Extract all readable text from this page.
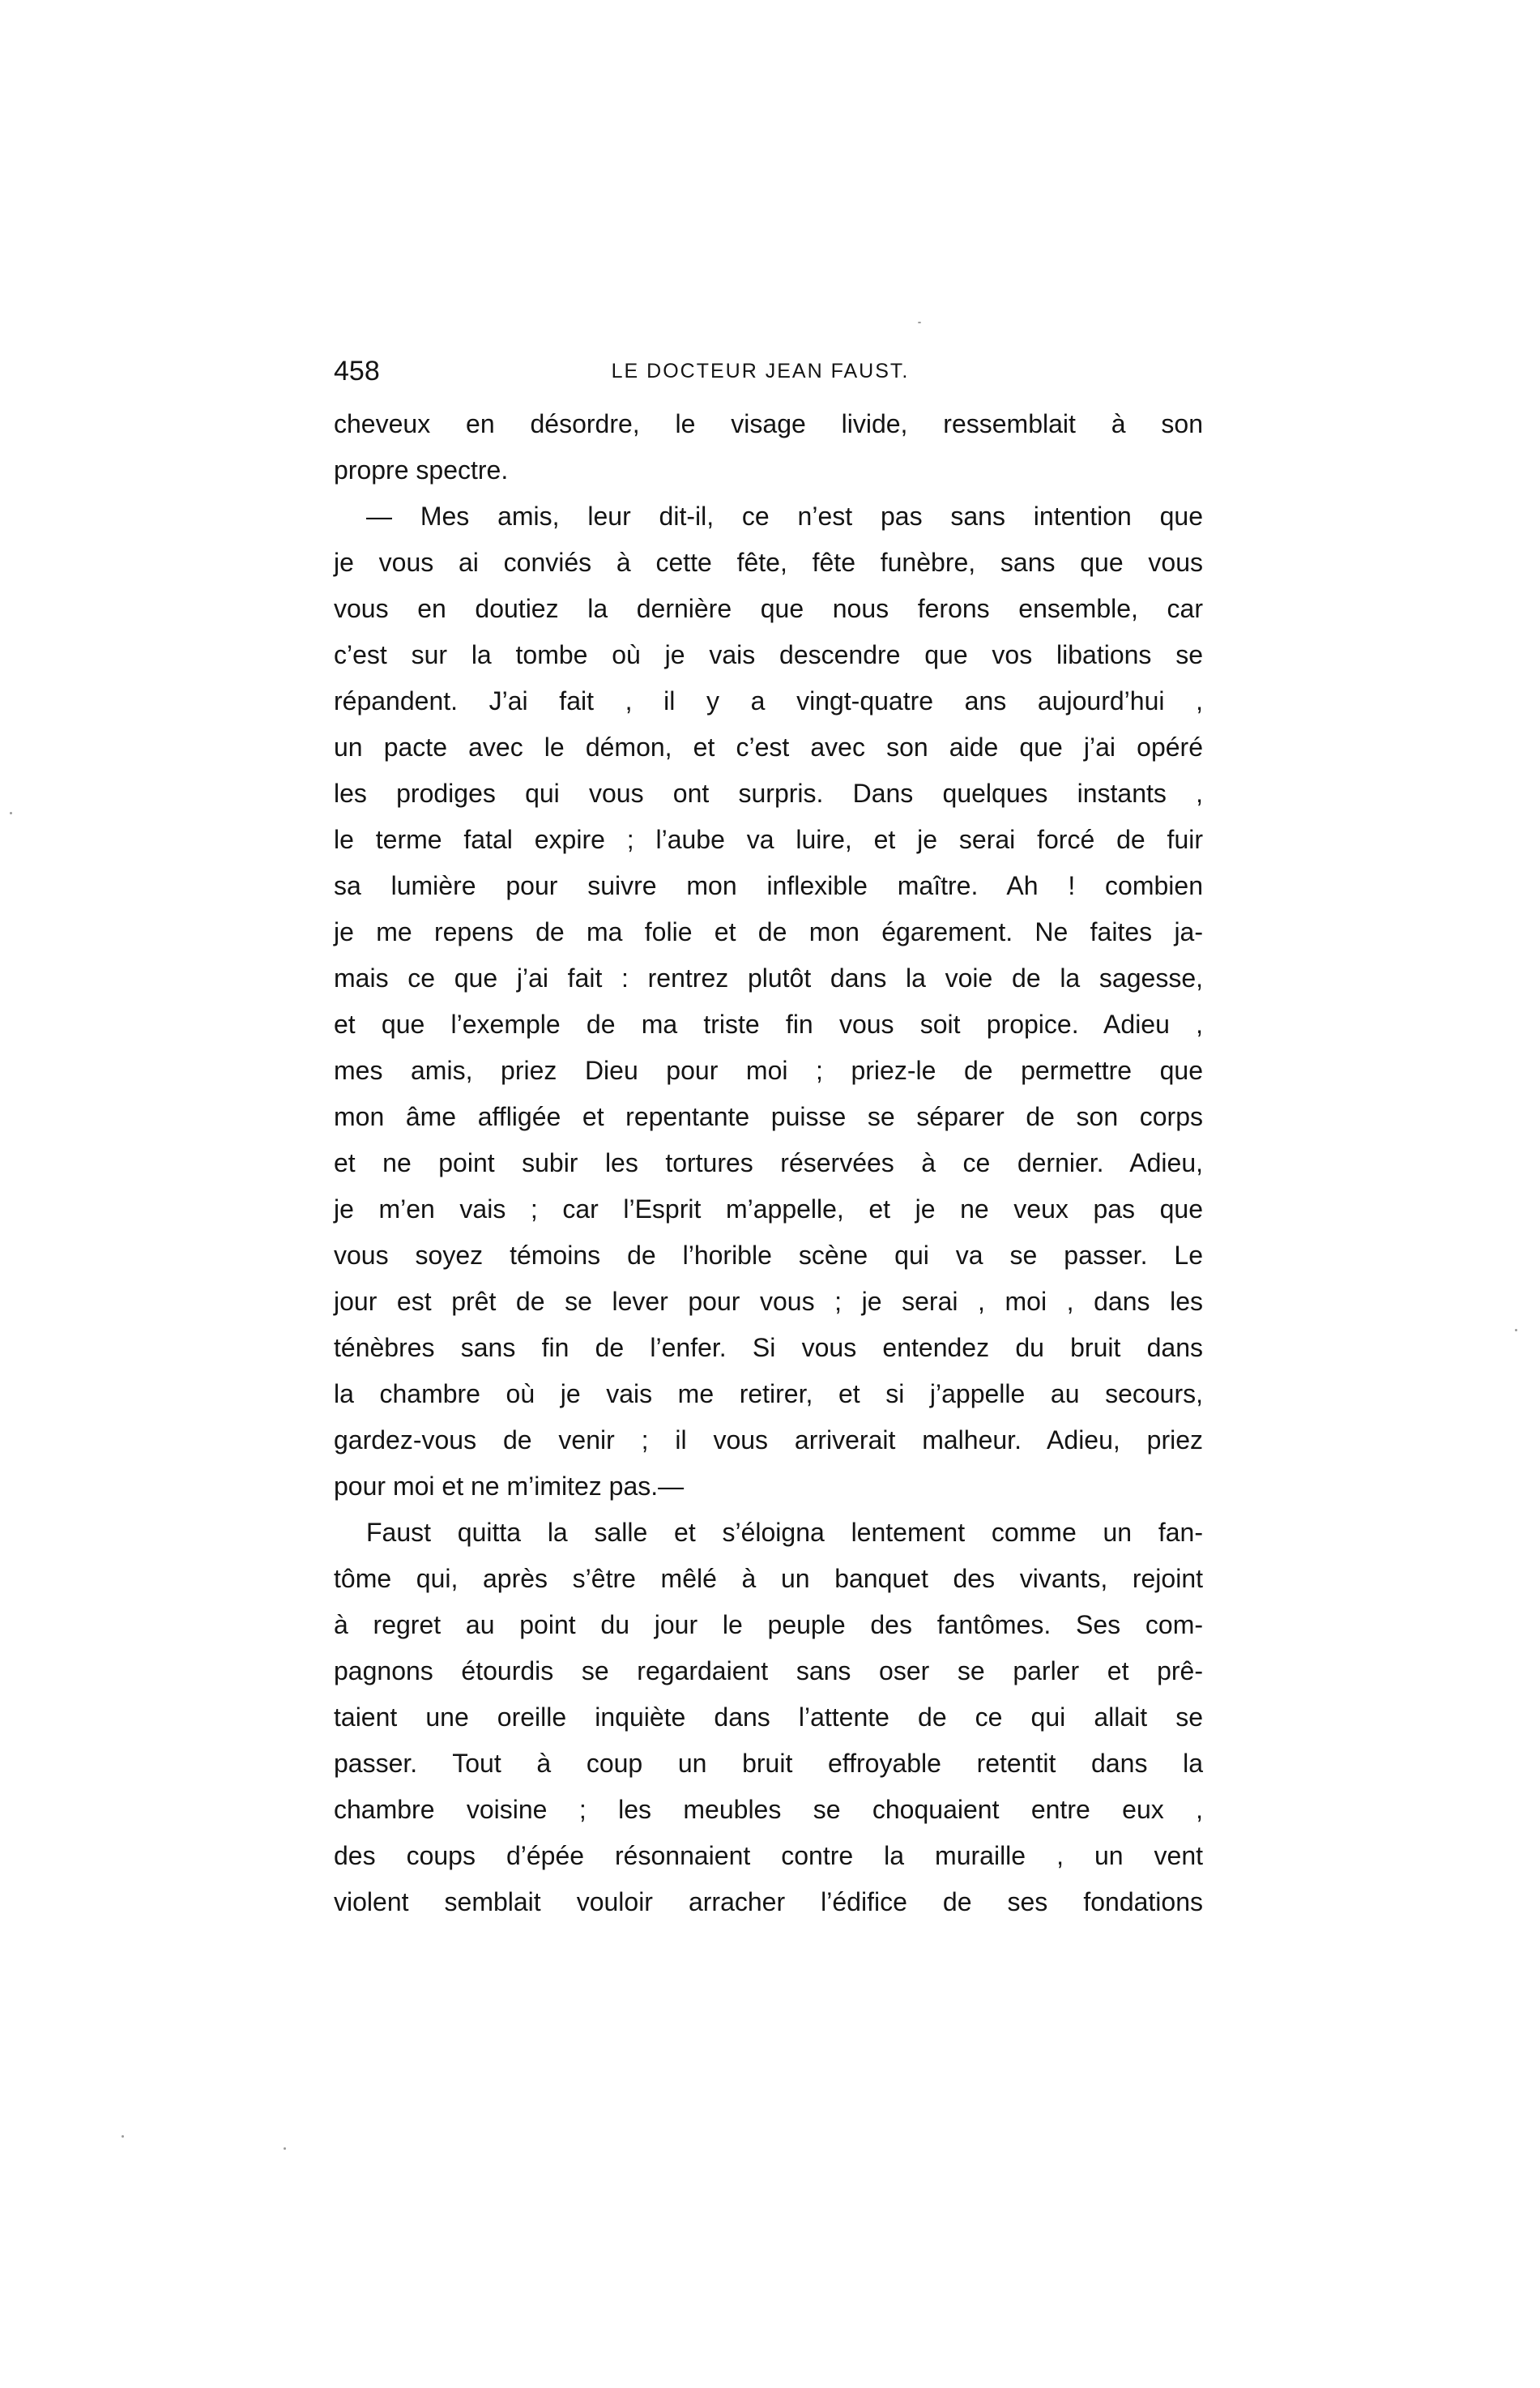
458	LE DOCTEUR JEAN FAUST.
cheveux en désordre, le visage livide, ressemblait à son
propre spectre.
— Mes amis, leur dit-il, ce n’est pas sans intention que
je vous ai conviés à cette fête, fête funèbre, sans que vous
vous en doutiez la dernière que nous ferons ensemble, car
c’est sur la tombe où je vais descendre que vos libations se
répandent. J’ai fait , il y a vingt-quatre ans aujourd’hui ,
un pacte avec le démon, et c’est avec son aide que j’ai opéré
les prodiges qui vous ont surpris. Dans quelques instants ,
le terme fatal expire ; l’aube va luire, et je serai forcé de fuir
sa lumière pour suivre mon inflexible maître. Ah ! combien
je me repens de ma folie et de mon égarement. Ne faites ja-
mais ce que j’ai fait : rentrez plutôt dans la voie de la sagesse,
et que l’exemple de ma triste fin vous soit propice. Adieu ,
mes amis, priez Dieu pour moi ; priez-le de permettre que
mon âme affligée et repentante puisse se séparer de son corps
et ne point subir les tortures réservées à ce dernier. Adieu,
je m’en vais ; car l’Esprit m’appelle, et je ne veux pas que
vous soyez témoins de l’horible scène qui va se passer. Le
jour est prêt de se lever pour vous ; je serai , moi , dans les
ténèbres sans fin de l’enfer. Si vous entendez du bruit dans
la chambre où je vais me retirer, et si j’appelle au secours,
gardez-vous de venir ; il vous arriverait malheur. Adieu, priez
pour moi et ne m’imitez pas.—
Faust quitta la salle et s’éloigna lentement comme un fan-
tôme qui, après s’être mêlé à un banquet des vivants, rejoint
à regret au point du jour le peuple des fantômes. Ses com-
pagnons étourdis se regardaient sans oser se parler et prê-
taient une oreille inquiète dans l’attente de ce qui allait se
passer. Tout à coup un bruit effroyable retentit dans la
chambre voisine ; les meubles se choquaient entre eux ,
des coups d’épée résonnaient contre la muraille , un vent
violent semblait vouloir arracher l’édifice de ses fondations
